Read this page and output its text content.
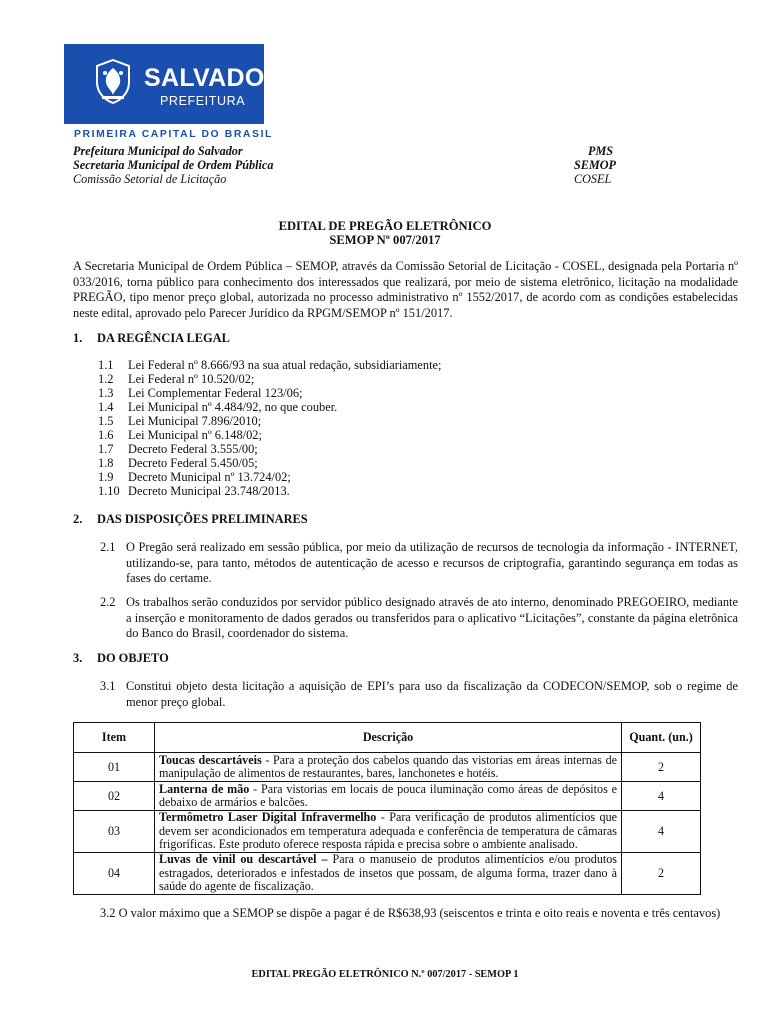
SALVADOR
PREFEITURA
PRIMEIRA CAPITAL DO BRASIL
Prefeitura Municipal do Salvador
Secretaria Municipal de Ordem Pública
Comissão Setorial de Licitação
PMS
SEMOP
COSEL
EDITAL DE PREGÃO ELETRÔNICO
SEMOP Nº 007/2017
A Secretaria Municipal de Ordem Pública – SEMOP, através da Comissão Setorial de Licitação - COSEL, designada pela Portaria nº 033/2016, torna público para conhecimento dos interessados que realizará, por meio de sistema eletrônico, licitação na modalidade PREGÃO, tipo menor preço global, autorizada no processo administrativo nº 1552/2017, de acordo com as condições estabelecidas neste edital, aprovado pelo Parecer Jurídico da RPGM/SEMOP nº 151/2017.
1. DA REGÊNCIA LEGAL
1.1 Lei Federal nº 8.666/93 na sua atual redação, subsidiariamente;
1.2 Lei Federal nº 10.520/02;
1.3 Lei Complementar Federal 123/06;
1.4 Lei Municipal nº 4.484/92, no que couber.
1.5 Lei Municipal 7.896/2010;
1.6 Lei Municipal nº 6.148/02;
1.7 Decreto Federal 3.555/00;
1.8 Decreto Federal 5.450/05;
1.9 Decreto Municipal nº 13.724/02;
1.10 Decreto Municipal 23.748/2013.
2. DAS DISPOSIÇÕES PRELIMINARES
2.1 O Pregão será realizado em sessão pública, por meio da utilização de recursos de tecnologia da informação - INTERNET, utilizando-se, para tanto, métodos de autenticação de acesso e recursos de criptografia, garantindo segurança em todas as fases do certame.
2.2 Os trabalhos serão conduzidos por servidor público designado através de ato interno, denominado PREGOEIRO, mediante a inserção e monitoramento de dados gerados ou transferidos para o aplicativo “Licitações”, constante da página eletrônica do Banco do Brasil, coordenador do sistema.
3. DO OBJETO
3.1 Constitui objeto desta licitação a aquisição de EPI’s para uso da fiscalização da CODECON/SEMOP, sob o regime de menor preço global.
Item	Descrição	Quant. (un.)
01	Toucas descartáveis - Para a proteção dos cabelos quando das vistorias em áreas internas de manipulação de alimentos de restaurantes, bares, lanchonetes e hotéis.	2
02	Lanterna de mão - Para vistorias em locais de pouca iluminação como áreas de depósitos e debaixo de armários e balcões.	4
03	Termômetro Laser Digital Infravermelho - Para verificação de produtos alimentícios que devem ser acondicionados em temperatura adequada e conferência de temperatura de câmaras frigoríficas. Este produto oferece resposta rápida e precisa sobre o ambiente analisado.	4
04	Luvas de vinil ou descartável – Para o manuseio de produtos alimentícios e/ou produtos estragados, deteriorados e infestados de insetos que possam, de alguma forma, trazer dano à saúde do agente de fiscalização.	2
3.2 O valor máximo que a SEMOP se dispõe a pagar é de R$638,93 (seiscentos e trinta e oito reais e noventa e três centavos)
EDITAL PREGÃO ELETRÔNICO N.º 007/2017 - SEMOP 1
